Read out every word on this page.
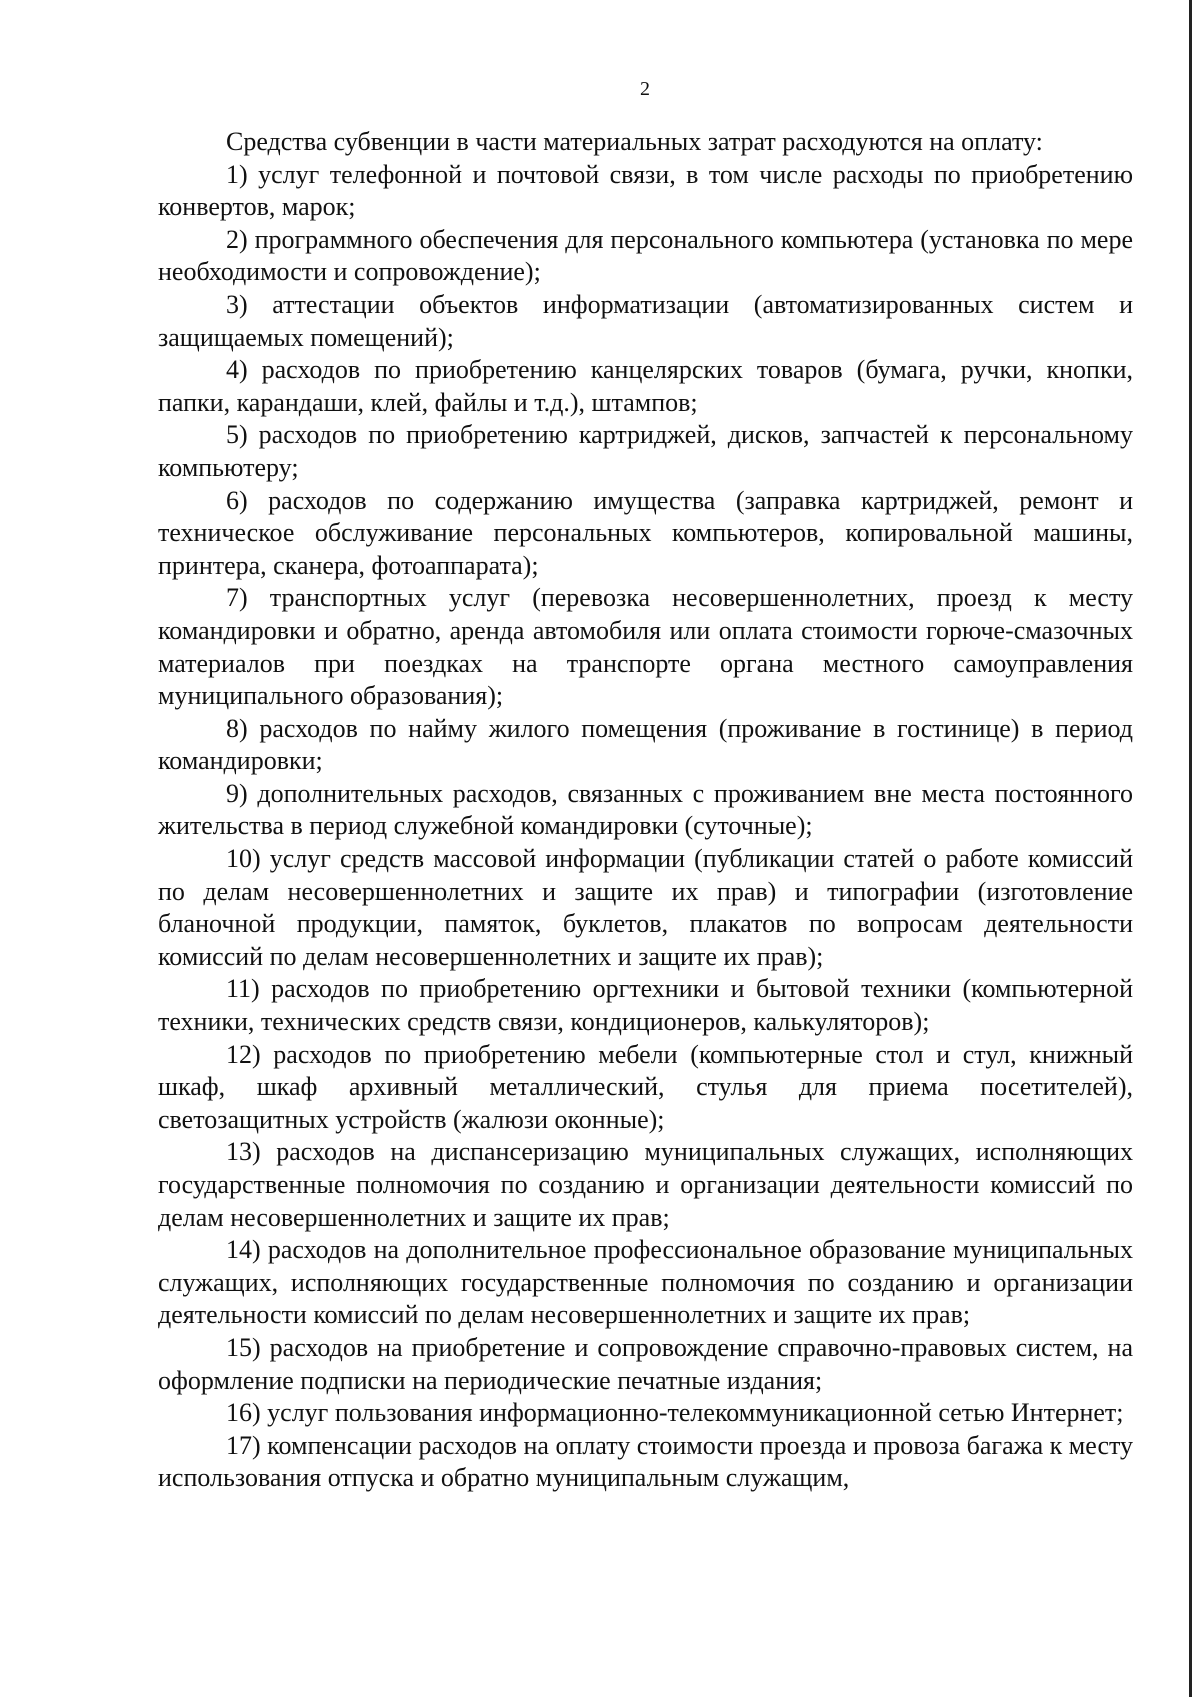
2

Средства субвенции в части материальных затрат расходуются на оплату:

1) услуг телефонной и почтовой связи, в том числе расходы по приобретению конвертов, марок;

2) программного обеспечения для персонального компьютера (установка по мере необходимости и сопровождение);

3) аттестации объектов информатизации (автоматизированных систем и защищаемых помещений);

4) расходов по приобретению канцелярских товаров (бумага, ручки, кнопки, папки, карандаши, клей, файлы и т.д.), штампов;

5) расходов по приобретению картриджей, дисков, запчастей к персональному компьютеру;

6) расходов по содержанию имущества (заправка картриджей, ремонт и техническое обслуживание персональных компьютеров, копировальной машины, принтера, сканера, фотоаппарата);

7) транспортных услуг (перевозка несовершеннолетних, проезд к месту командировки и обратно, аренда автомобиля или оплата стоимости горюче-смазочных материалов при поездках на транспорте органа местного самоуправления муниципального образования);

8) расходов по найму жилого помещения (проживание в гостинице) в период командировки;

9) дополнительных расходов, связанных с проживанием вне места постоянного жительства в период служебной командировки (суточные);

10) услуг средств массовой информации (публикации статей о работе комиссий по делам несовершеннолетних и защите их прав) и типографии (изготовление бланочной продукции, памяток, буклетов, плакатов по вопросам деятельности комиссий по делам несовершеннолетних и защите их прав);

11) расходов по приобретению оргтехники и бытовой техники (компьютерной техники, технических средств связи, кондиционеров, калькуляторов);

12) расходов по приобретению мебели (компьютерные стол и стул, книжный шкаф, шкаф архивный металлический, стулья для приема посетителей), светозащитных устройств (жалюзи оконные);

13) расходов на диспансеризацию муниципальных служащих, исполняющих государственные полномочия по созданию и организации деятельности комиссий по делам несовершеннолетних и защите их прав;

14) расходов на дополнительное профессиональное образование муниципальных служащих, исполняющих государственные полномочия по созданию и организации деятельности комиссий по делам несовершеннолетних и защите их прав;

15) расходов на приобретение и сопровождение справочно-правовых систем, на оформление подписки на периодические печатные издания;

16) услуг пользования информационно-телекоммуникационной сетью Интернет;

17) компенсации расходов на оплату стоимости проезда и провоза багажа к месту использования отпуска и обратно муниципальным служащим,
